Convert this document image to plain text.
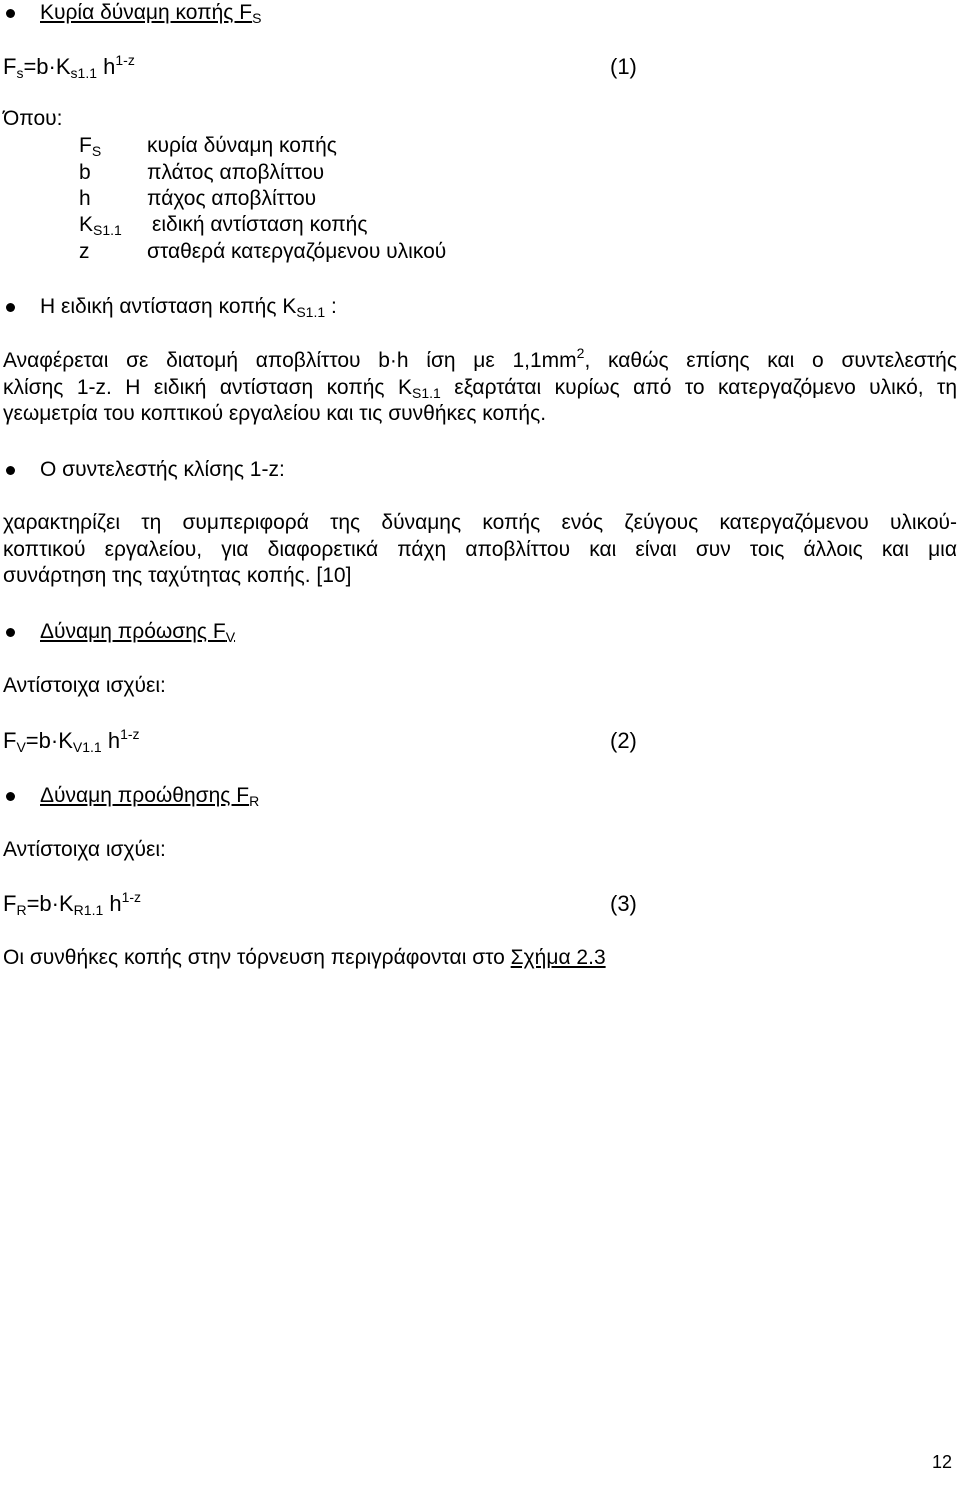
Κυρία δύναμη κοπής FS
Fs=b·Ks1.1 $h^{1-z}$	(1)
Όπου:
FS κυρία δύναμη κοπής
b	πλάτος αποβλίττου
h	πάχος αποβλίττου
KS1.1 ειδική αντίσταση κοπής
z	σταθερά κατεργαζόμενου υλικού
Η ειδική αντίσταση κοπής KS1.1 :
Αναφέρεται σε διατομή αποβλίττου b·h ίση με $1,1mm^2$, καθώς επίσης και ο συντελεστής
κλίσης 1-z. Η ειδική αντίσταση κοπής KS1.1 εξαρτάται κυρίως από το κατεργαζόμενο υλικό, τη
γεωμετρία του κοπτικού εργαλείου και τις συνθήκες κοπής.
Ο συντελεστής κλίσης 1-z:
χαρακτηρίζει τη συμπεριφορά της δύναμης κοπής ενός ζεύγους κατεργαζόμενου υλικού-
κοπτικού εργαλείου, για διαφορετικά πάχη αποβλίττου και είναι συν τοις άλλοις και μια
συνάρτηση της ταχύτητας κοπής. [10]
Δύναμη πρόωσης FV
Αντίστοιχα ισχύει:
FV=b·KV1.1 $h^{1-z}$	(2)
Δύναμη προώθησης FR
Αντίστοιχα ισχύει:
FR=b·KR1.1 $h^{1-z}$	(3)
Οι συνθήκες κοπής στην τόρνευση περιγράφονται στο Σχήμα 2.3
12
